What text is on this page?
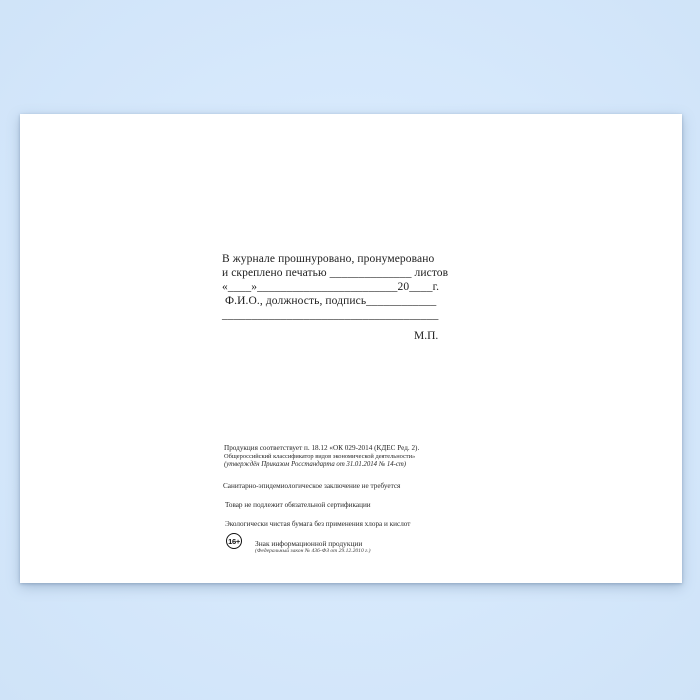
В журнале прошнуровано, пронумеровано
и скреплено печатью ______________ листов
«____»________________________20____г.
Ф.И.О., должность, подпись____________
_____________________________________
М.П.
Продукция соответствует п. 18.12 «ОК 029-2014 (КДЕС Ред. 2).
Общероссийский классификатор видов экономической деятельности»
(утверждён Приказом Росстандарта от 31.01.2014 № 14-ст)
Санитарно-эпидемиологическое заключение не требуется
Товар не подлежит обязательной сертификации
Экологически чистая бумага без применения хлора и кислот
16+ Знак информационной продукции
(Федеральный закон № 436-ФЗ от 29.12.2010 г.)
